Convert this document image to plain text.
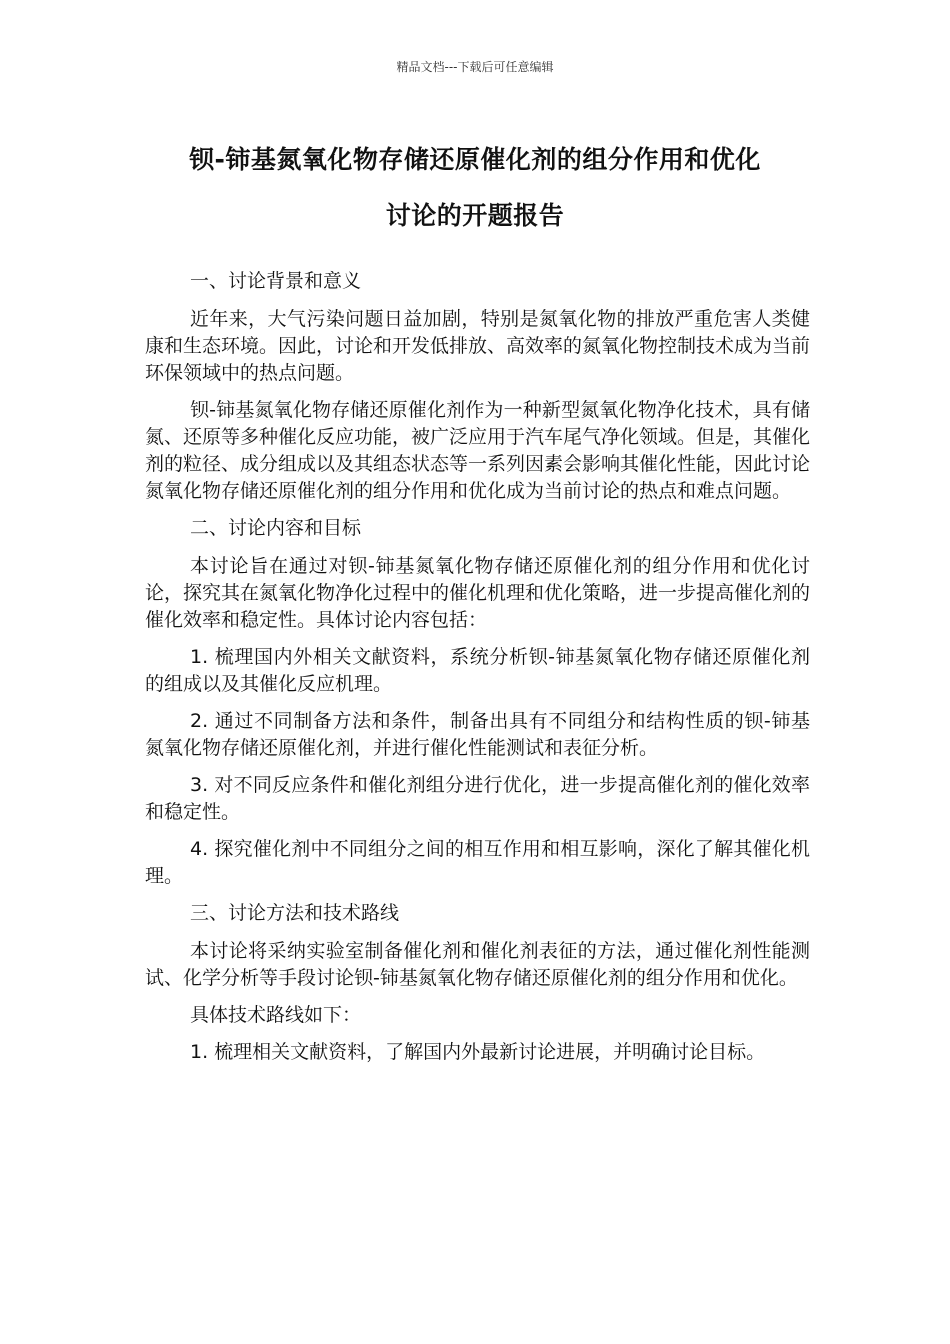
精品文档---下载后可任意编辑
钡-铈基氮氧化物存储还原催化剂的组分作用和优化
讨论的开题报告

一、讨论背景和意义

近年来，大气污染问题日益加剧，特别是氮氧化物的排放严重危害人类健康和生态环境。因此，讨论和开发低排放、高效率的氮氧化物控制技术成为当前环保领域中的热点问题。

钡-铈基氮氧化物存储还原催化剂作为一种新型氮氧化物净化技术，具有储氮、还原等多种催化反应功能，被广泛应用于汽车尾气净化领域。但是，其催化剂的粒径、成分组成以及其组态状态等一系列因素会影响其催化性能，因此讨论氮氧化物存储还原催化剂的组分作用和优化成为当前讨论的热点和难点问题。

二、讨论内容和目标

本讨论旨在通过对钡-铈基氮氧化物存储还原催化剂的组分作用和优化讨论，探究其在氮氧化物净化过程中的催化机理和优化策略，进一步提高催化剂的催化效率和稳定性。具体讨论内容包括：

1. 梳理国内外相关文献资料，系统分析钡-铈基氮氧化物存储还原催化剂的组成以及其催化反应机理。

2. 通过不同制备方法和条件，制备出具有不同组分和结构性质的钡-铈基氮氧化物存储还原催化剂，并进行催化性能测试和表征分析。

3. 对不同反应条件和催化剂组分进行优化，进一步提高催化剂的催化效率和稳定性。

4. 探究催化剂中不同组分之间的相互作用和相互影响，深化了解其催化机理。

三、讨论方法和技术路线

本讨论将采纳实验室制备催化剂和催化剂表征的方法，通过催化剂性能测试、化学分析等手段讨论钡-铈基氮氧化物存储还原催化剂的组分作用和优化。

具体技术路线如下：

1. 梳理相关文献资料，了解国内外最新讨论进展，并明确讨论目标。
